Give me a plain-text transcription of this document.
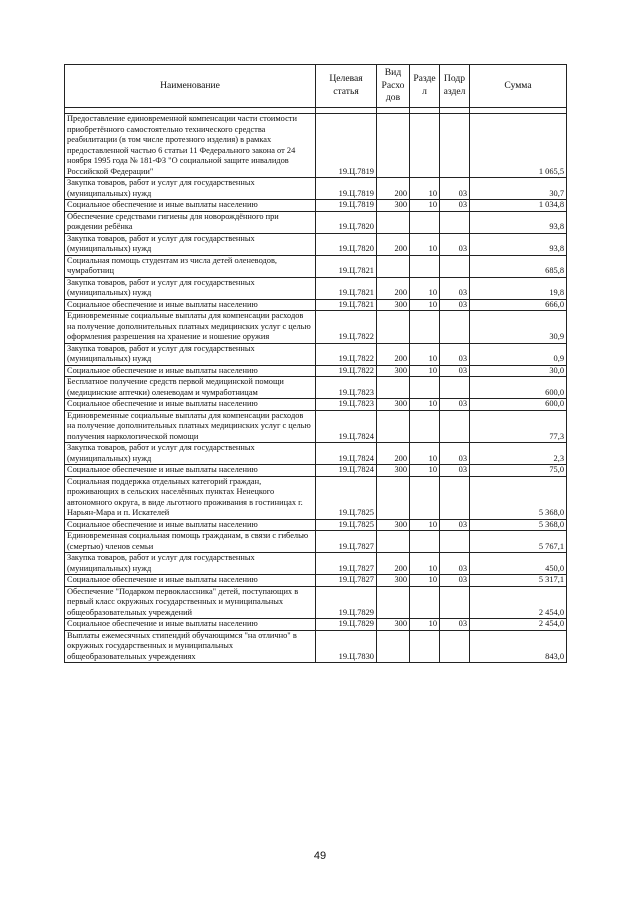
Наименование	Целевая статья	Вид Расхо дов	Разде л	Подр аздел	Сумма

Предоставление единовременной компенсации части стоимости приобретённого самостоятельно технического средства реабилитации (в том числе протезного изделия) в рамках предоставленной частью 6 статьи 11 Федерального закона от 24 ноября 1995 года № 181-ФЗ "О социальной защите инвалидов Российской Федерации"	19.Ц.7819				1 065,5
Закупка товаров, работ и услуг для государственных (муниципальных) нужд	19.Ц.7819	200	10	03	30,7
Социальное обеспечение и иные выплаты населению	19.Ц.7819	300	10	03	1 034,8
Обеспечение средствами гигиены для новорождённого при рождении ребёнка	19.Ц.7820				93,8
Закупка товаров, работ и услуг для государственных (муниципальных) нужд	19.Ц.7820	200	10	03	93,8
Социальная помощь студентам из числа детей оленеводов, чумработниц	19.Ц.7821				685,8
Закупка товаров, работ и услуг для государственных (муниципальных) нужд	19.Ц.7821	200	10	03	19,8
Социальное обеспечение и иные выплаты населению	19.Ц.7821	300	10	03	666,0
Единовременные социальные выплаты для компенсации расходов на получение дополнительных платных медицинских услуг с целью оформления разрешения на хранение и ношение оружия	19.Ц.7822				30,9
Закупка товаров, работ и услуг для государственных (муниципальных) нужд	19.Ц.7822	200	10	03	0,9
Социальное обеспечение и иные выплаты населению	19.Ц.7822	300	10	03	30,0
Бесплатное получение средств первой медицинской помощи (медицинские аптечки) оленеводам и чумработницам	19.Ц.7823				600,0
Социальное обеспечение и иные выплаты населению	19.Ц.7823	300	10	03	600,0
Единовременные социальные выплаты для компенсации расходов на получение дополнительных платных медицинских услуг с целью получения наркологической помощи	19.Ц.7824				77,3
Закупка товаров, работ и услуг для государственных (муниципальных) нужд	19.Ц.7824	200	10	03	2,3
Социальное обеспечение и иные выплаты населению	19.Ц.7824	300	10	03	75,0
Социальная поддержка отдельных категорий граждан, проживающих в сельских населённых пунктах Ненецкого автономного округа, в виде льготного проживания в гостиницах г. Нарьян-Мара и п. Искателей	19.Ц.7825				5 368,0
Социальное обеспечение и иные выплаты населению	19.Ц.7825	300	10	03	5 368,0
Единовременная социальная помощь гражданам, в связи с гибелью (смертью) членов семьи	19.Ц.7827				5 767,1
Закупка товаров, работ и услуг для государственных (муниципальных) нужд	19.Ц.7827	200	10	03	450,0
Социальное обеспечение и иные выплаты населению	19.Ц.7827	300	10	03	5 317,1
Обеспечение "Подарком первоклассника" детей, поступающих в первый класс окружных государственных и муниципальных общеобразовательных учреждений	19.Ц.7829				2 454,0
Социальное обеспечение и иные выплаты населению	19.Ц.7829	300	10	03	2 454,0
Выплаты ежемесячных стипендий обучающимся "на отлично" в окружных государственных и муниципальных общеобразовательных учреждениях	19.Ц.7830				843,0
49
